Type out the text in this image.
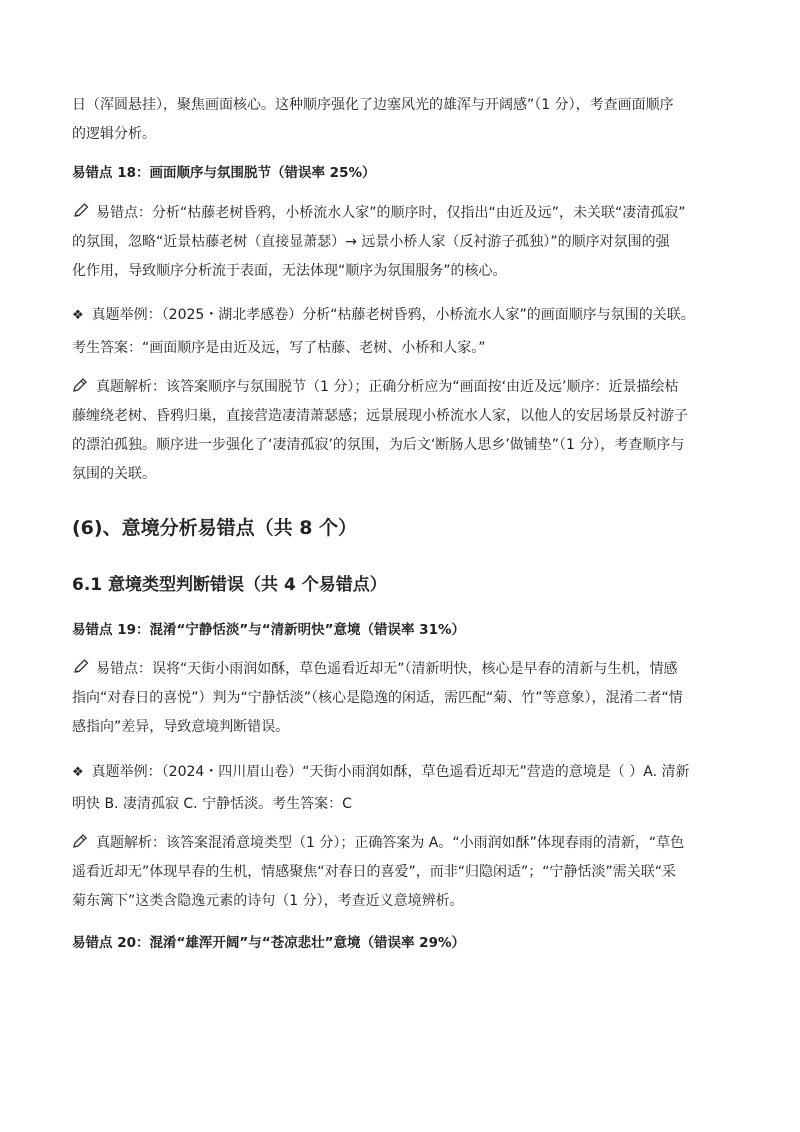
日（浑圆悬挂），聚焦画面核心。这种顺序强化了边塞风光的雄浑与开阔感”（1 分），考查画面顺序
的逻辑分析。
易错点 18：画面顺序与氛围脱节（错误率 25%）
易错点：分析“枯藤老树昏鸦，小桥流水人家”的顺序时，仅指出“由近及远”，未关联“凄清孤寂”
的氛围，忽略“近景枯藤老树（直接显萧瑟）→ 远景小桥人家（反衬游子孤独）”的顺序对氛围的强
化作用，导致顺序分析流于表面，无法体现“顺序为氛围服务”的核心。
❖ 真题举例：（2025・湖北孝感卷）分析“枯藤老树昏鸦，小桥流水人家”的画面顺序与氛围的关联。
考生答案：“画面顺序是由近及远，写了枯藤、老树、小桥和人家。”
真题解析：该答案顺序与氛围脱节（1 分）；正确分析应为“画面按‘由近及远’顺序：近景描绘枯
藤缠绕老树、昏鸦归巢，直接营造凄清萧瑟感；远景展现小桥流水人家，以他人的安居场景反衬游子
的漂泊孤独。顺序进一步强化了‘凄清孤寂’的氛围，为后文‘断肠人思乡’做铺垫”（1 分），考查顺序与
氛围的关联。
(6)、意境分析易错点（共 8 个）
6.1 意境类型判断错误（共 4 个易错点）
易错点 19：混淆“宁静恬淡”与“清新明快”意境（错误率 31%）
易错点：误将“天街小雨润如酥，草色遥看近却无”（清新明快，核心是早春的清新与生机，情感
指向“对春日的喜悦”）判为“宁静恬淡”（核心是隐逸的闲适，需匹配“菊、竹”等意象），混淆二者“情
感指向”差异，导致意境判断错误。
❖ 真题举例：（2024・四川眉山卷）“天街小雨润如酥，草色遥看近却无”营造的意境是（ ）A. 清新
明快 B. 凄清孤寂 C. 宁静恬淡。考生答案：C
真题解析：该答案混淆意境类型（1 分）；正确答案为 A。“小雨润如酥”体现春雨的清新，“草色
遥看近却无”体现早春的生机，情感聚焦“对春日的喜爱”，而非“归隐闲适”；“宁静恬淡”需关联“采
菊东篱下”这类含隐逸元素的诗句（1 分），考查近义意境辨析。
易错点 20：混淆“雄浑开阔”与“苍凉悲壮”意境（错误率 29%）
